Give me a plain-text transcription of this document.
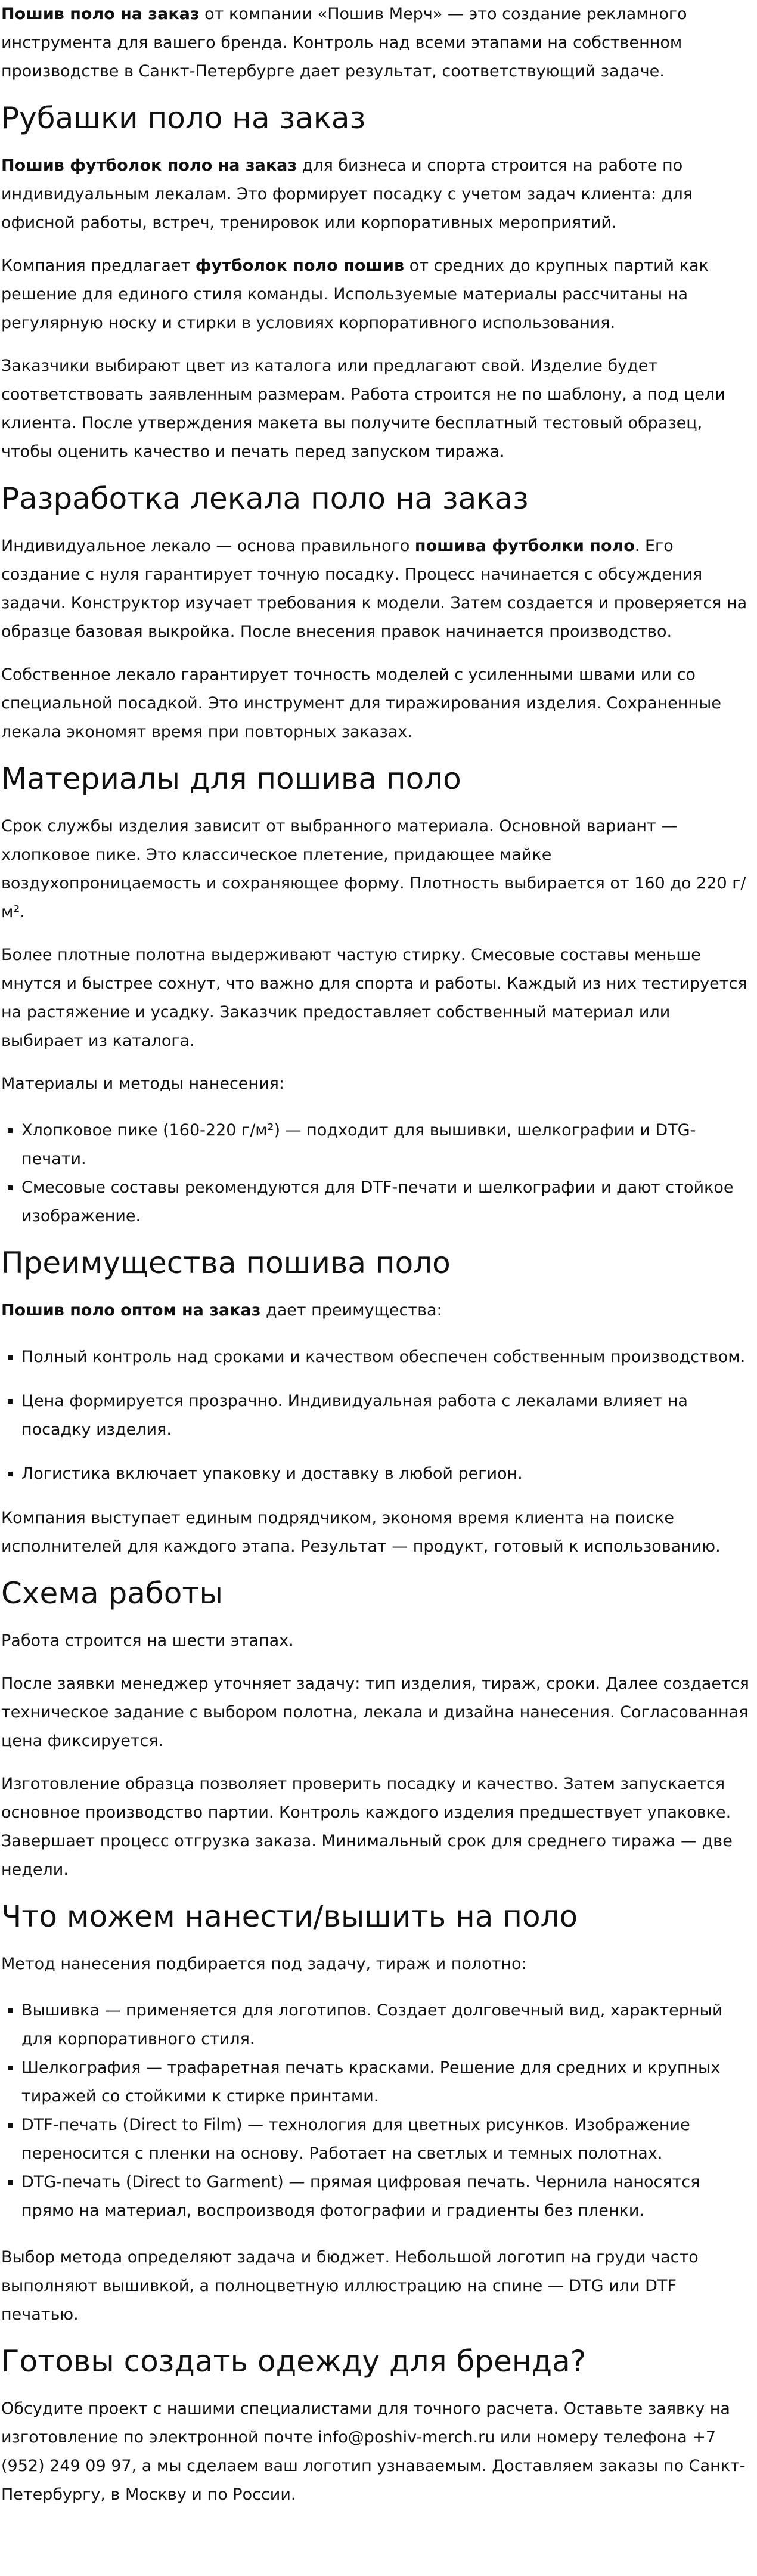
Пошив поло на заказ от компании «Пошив Мерч» — это создание рекламного инструмента для вашего бренда. Контроль над всеми этапами на собственном производстве в Санкт-Петербурге дает результат, соответствующий задаче.

Рубашки поло на заказ

Пошив футболок поло на заказ для бизнеса и спорта строится на работе по индивидуальным лекалам. Это формирует посадку с учетом задач клиента: для офисной работы, встреч, тренировок или корпоративных мероприятий.

Компания предлагает футболок поло пошив от средних до крупных партий как решение для единого стиля команды. Используемые материалы рассчитаны на регулярную носку и стирки в условиях корпоративного использования.

Заказчики выбирают цвет из каталога или предлагают свой. Изделие будет соответствовать заявленным размерам. Работа строится не по шаблону, а под цели клиента. После утверждения макета вы получите бесплатный тестовый образец, чтобы оценить качество и печать перед запуском тиража.

Разработка лекала поло на заказ

Индивидуальное лекало — основа правильного пошива футболки поло. Его создание с нуля гарантирует точную посадку. Процесс начинается с обсуждения задачи. Конструктор изучает требования к модели. Затем создается и проверяется на образце базовая выкройка. После внесения правок начинается производство.

Собственное лекало гарантирует точность моделей с усиленными швами или со специальной посадкой. Это инструмент для тиражирования изделия. Сохраненные лекала экономят время при повторных заказах.

Материалы для пошива поло

Срок службы изделия зависит от выбранного материала. Основной вариант — хлопковое пике. Это классическое плетение, придающее майке воздухопроницаемость и сохраняющее форму. Плотность выбирается от 160 до 220 г/м².

Более плотные полотна выдерживают частую стирку. Смесовые составы меньше мнутся и быстрее сохнут, что важно для спорта и работы. Каждый из них тестируется на растяжение и усадку. Заказчик предоставляет собственный материал или выбирает из каталога.

Материалы и методы нанесения:

▪ Хлопковое пике (160-220 г/м²) — подходит для вышивки, шелкографии и DTG-печати.
▪ Смесовые составы рекомендуются для DTF-печати и шелкографии и дают стойкое изображение.
Преимущества пошива поло

Пошив поло оптом на заказ дает преимущества:

▪ Полный контроль над сроками и качеством обеспечен собственным производством.
▪ Цена формируется прозрачно. Индивидуальная работа с лекалами влияет на посадку изделия.
▪ Логистика включает упаковку и доставку в любой регион.

Компания выступает единым подрядчиком, экономя время клиента на поиске исполнителей для каждого этапа. Результат — продукт, готовый к использованию.

Схема работы

Работа строится на шести этапах.

После заявки менеджер уточняет задачу: тип изделия, тираж, сроки. Далее создается техническое задание с выбором полотна, лекала и дизайна нанесения. Согласованная цена фиксируется.

Изготовление образца позволяет проверить посадку и качество. Затем запускается основное производство партии. Контроль каждого изделия предшествует упаковке. Завершает процесс отгрузка заказа. Минимальный срок для среднего тиража — две недели.

Что можем нанести/вышить на поло

Метод нанесения подбирается под задачу, тираж и полотно:

▪ Вышивка — применяется для логотипов. Создает долговечный вид, характерный для корпоративного стиля.
▪ Шелкография — трафаретная печать красками. Решение для средних и крупных тиражей со стойкими к стирке принтами.
▪ DTF-печать (Direct to Film) — технология для цветных рисунков. Изображение переносится с пленки на основу. Работает на светлых и темных полотнах.
▪ DTG-печать (Direct to Garment) — прямая цифровая печать. Чернила наносятся прямо на материал, воспроизводя фотографии и градиенты без пленки.

Выбор метода определяют задача и бюджет. Небольшой логотип на груди часто выполняют вышивкой, а полноцветную иллюстрацию на спине — DTG или DTF печатью.

Готовы создать одежду для бренда?

Обсудите проект с нашими специалистами для точного расчета. Оставьте заявку на изготовление по электронной почте info@poshiv-merch.ru или номеру телефона +7 (952) 249 09 97, а мы сделаем ваш логотип узнаваемым. Доставляем заказы по Санкт-Петербургу, в Москву и по России.
